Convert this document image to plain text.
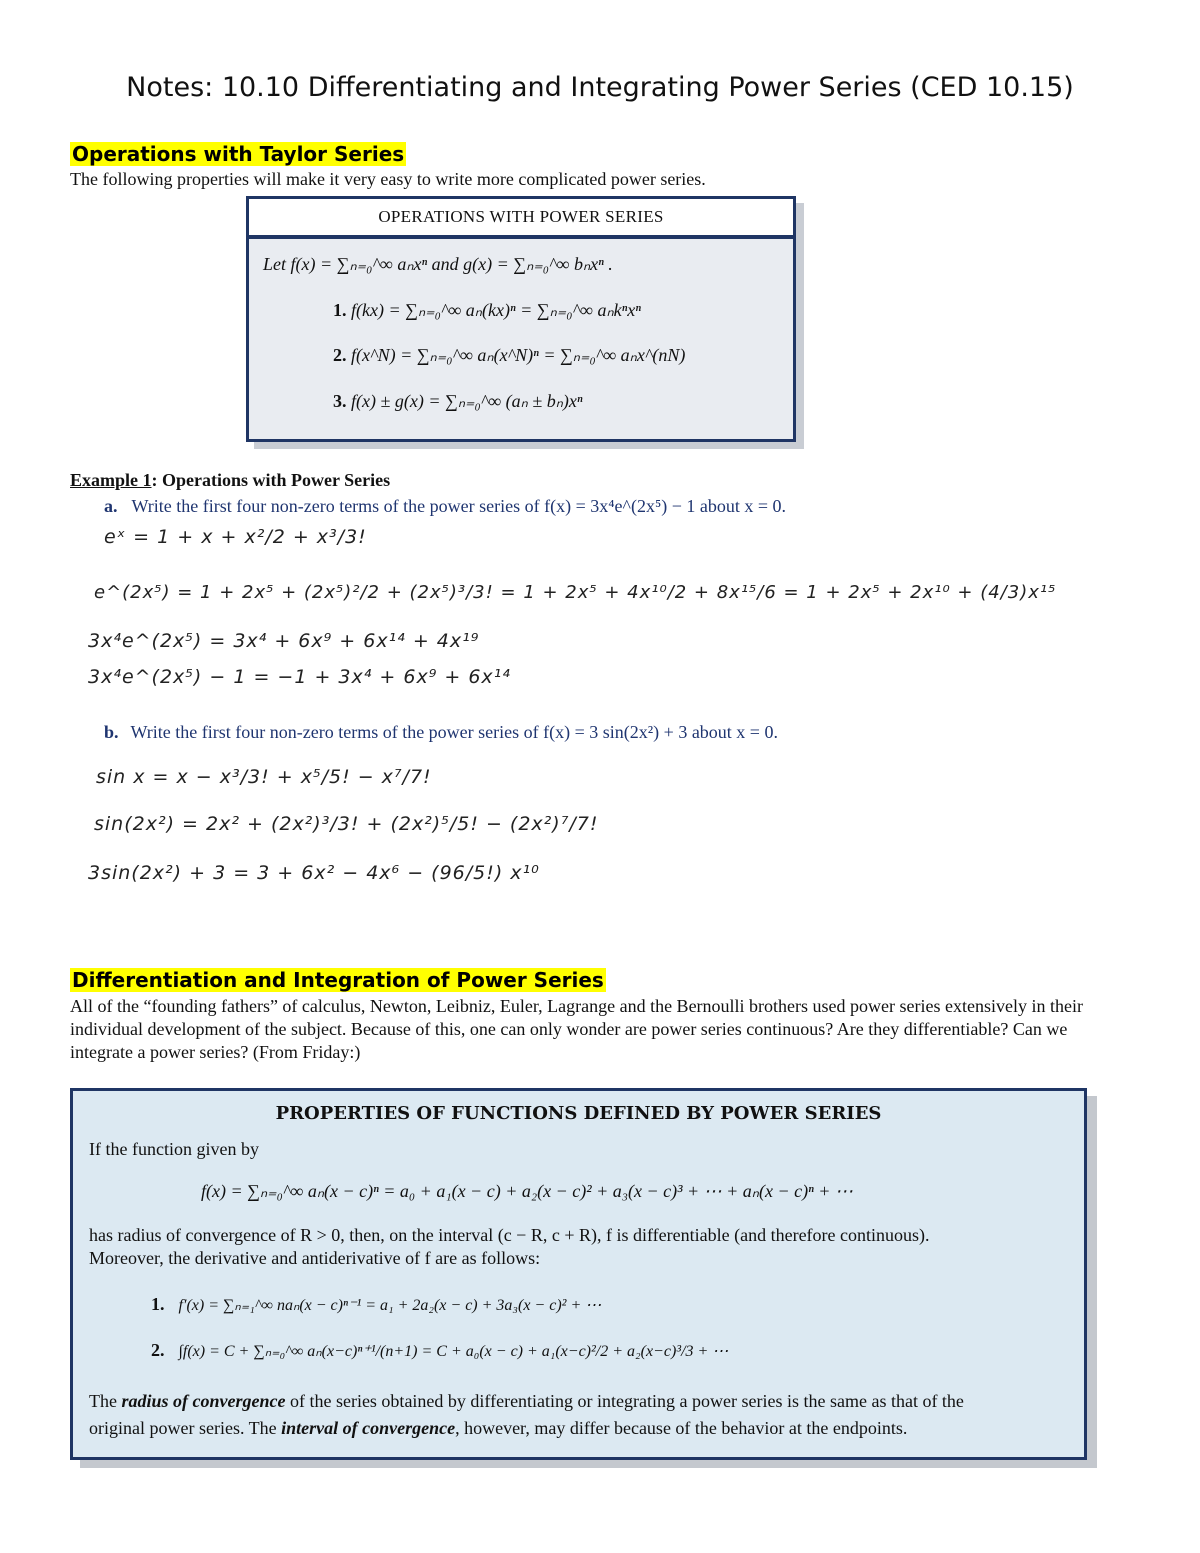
Notes: 10.10 Differentiating and Integrating Power Series (CED 10.15)
Operations with Taylor Series
The following properties will make it very easy to write more complicated power series.
OPERATIONS WITH POWER SERIES
Let f(x) = ∑ₙ₌₀^∞ aₙxⁿ and g(x) = ∑ₙ₌₀^∞ bₙxⁿ .
1. f(kx) = ∑ₙ₌₀^∞ aₙ(kx)ⁿ = ∑ₙ₌₀^∞ aₙkⁿxⁿ
2. f(x^N) = ∑ₙ₌₀^∞ aₙ(x^N)ⁿ = ∑ₙ₌₀^∞ aₙx^(nN)
3. f(x) ± g(x) = ∑ₙ₌₀^∞ (aₙ ± bₙ)xⁿ
Example 1: Operations with Power Series
a. Write the first four non-zero terms of the power series of f(x) = 3x⁴e^(2x⁵) − 1 about x = 0.
eˣ = 1 + x + x²/2 + x³/3!
e^(2x⁵) = 1 + 2x⁵ + (2x⁵)²/2 + (2x⁵)³/3! = 1 + 2x⁵ + 4x¹⁰/2 + 8x¹⁵/6 = 1 + 2x⁵ + 2x¹⁰ + (4/3)x¹⁵
3x⁴e^(2x⁵) = 3x⁴ + 6x⁹ + 6x¹⁴ + 4x¹⁹
3x⁴e^(2x⁵) − 1 = −1 + 3x⁴ + 6x⁹ + 6x¹⁴
b. Write the first four non-zero terms of the power series of f(x) = 3 sin(2x²) + 3 about x = 0.
sin x = x − x³/3! + x⁵/5! − x⁷/7!
sin(2x²) = 2x² + (2x²)³/3! + (2x²)⁵/5! − (2x²)⁷/7!
3sin(2x²) + 3 = 3 + 6x² − 4x⁶ − (96/5!) x¹⁰
Differentiation and Integration of Power Series
All of the “founding fathers” of calculus, Newton, Leibniz, Euler, Lagrange and the Bernoulli brothers used power series extensively in their individual development of the subject. Because of this, one can only wonder are power series continuous? Are they differentiable? Can we integrate a power series? (From Friday:)
PROPERTIES OF FUNCTIONS DEFINED BY POWER SERIES
If the function given by
f(x) = ∑ₙ₌₀^∞ aₙ(x − c)ⁿ = a₀ + a₁(x − c) + a₂(x − c)² + a₃(x − c)³ + ⋯ + aₙ(x − c)ⁿ + ⋯
has radius of convergence of R > 0, then, on the interval (c − R, c + R), f is differentiable (and therefore continuous).
Moreover, the derivative and antiderivative of f are as follows:
1. f′(x) = ∑ₙ₌₁^∞ naₙ(x − c)ⁿ⁻¹ = a₁ + 2a₂(x − c) + 3a₃(x − c)² + ⋯
2. ∫f(x) = C + ∑ₙ₌₀^∞ aₙ(x−c)ⁿ⁺¹/(n+1) = C + a₀(x − c) + a₁(x−c)²/2 + a₂(x−c)³/3 + ⋯
The radius of convergence of the series obtained by differentiating or integrating a power series is the same as that of the
original power series. The interval of convergence, however, may differ because of the behavior at the endpoints.
